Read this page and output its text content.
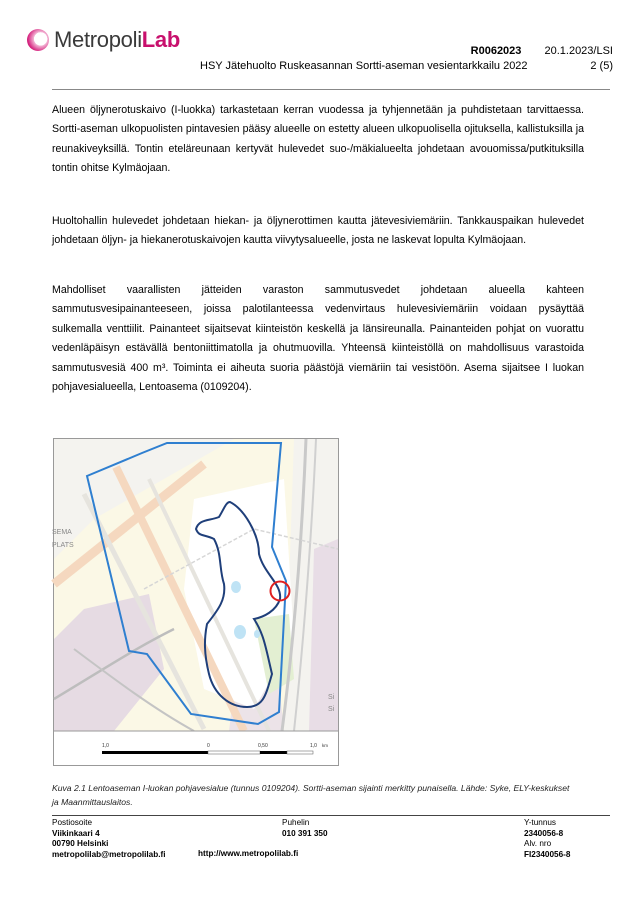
MetropoliLab	R0062023 20.1.2023/LSI
HSY Jätehuolto Ruskeasannan Sortti-aseman vesientarkkailu 2022	2 (5)

Alueen öljynerotuskaivo (I-luokka) tarkastetaan kerran vuodessa ja tyhjennetään ja puhdistetaan tarvittaessa. Sortti-aseman ulkopuolisten pintavesien pääsy alueelle on estetty alueen ulkopuolisella ojituksella, kallistuksilla ja reunakiveyksillä. Tontin eteläreunaan kertyvät hulevedet suo-/mäkialueelta johdetaan avouomissa/putkituksilla tontin ohitse Kylmäojaan.

Huoltohallin hulevedet johdetaan hiekan- ja öljynerottimen kautta jätevesiviemäriin. Tankkauspaikan hulevedet johdetaan öljyn- ja hiekanerotuskaivojen kautta viivytysalueelle, josta ne laskevat lopulta Kylmäojaan.

Mahdolliset vaarallisten jätteiden varaston sammutusvedet johdetaan alueella kahteen sammutusvesipainanteeseen, joissa palotilanteessa vedenvirtaus hulevesiviemäriin voidaan pysäyttää sulkemalla venttiilit. Painanteet sijaitsevat kiinteistön keskellä ja länsireunalla. Painanteiden pohjat on vuorattu vedenläpäisyn estävällä bentoniittimatolla ja ohutmuovilla. Yhteensä kiinteistöllä on mahdollisuus varastoida sammutusvesiä 400 m³. Toiminta ei aiheuta suoria päästöjä viemäriin tai vesistöön. Asema sijaitsee I luokan pohjavesialueella, Lentoasema (0109204).

SEMA
PLATS
Si
Si
1,0	0	0,50	1,0 km
Kuva 2.1 Lentoaseman I-luokan pohjavesialue (tunnus 0109204). Sortti-aseman sijainti merkitty punaisella. Lähde: Syke, ELY-keskukset ja Maanmittauslaitos.
Postiosoite
Viikinkaari 4
00790 Helsinki
metropolilab@metropolilab.fi
Puhelin
010 391 350
http://www.metropolilab.fi
Y-tunnus
2340056-8
Alv. nro
FI2340056-8
